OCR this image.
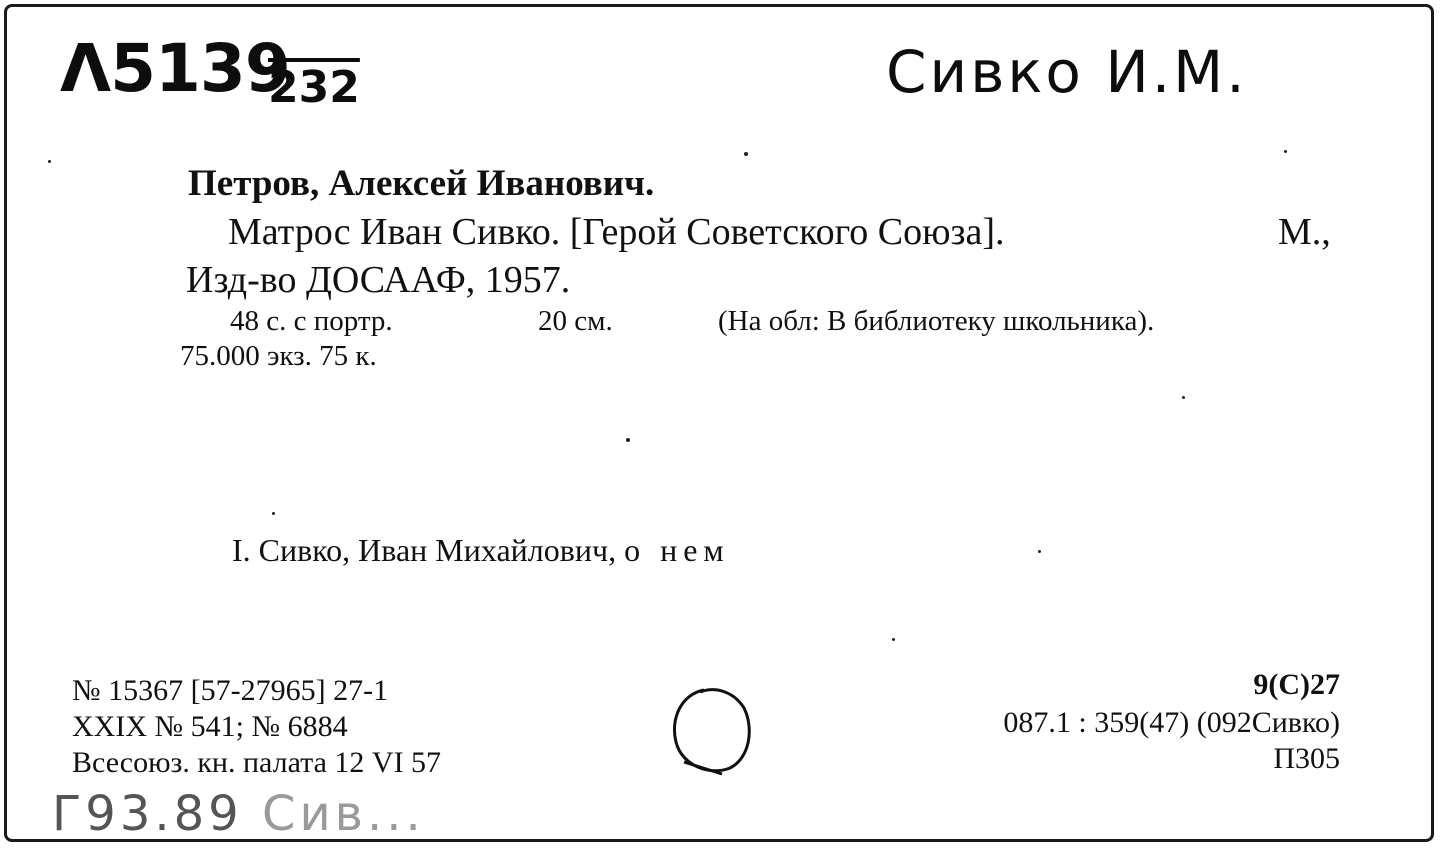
Λ5139
232	Сивко И.М.
Петров, Алексей Иванович.
Матрос Иван Сивко. [Герой Советского Союза].	М.,
Изд-во ДОСААФ, 1957.
48 с. с портр.	20 см.	(На обл: В библиотеку школьника).
75.000 экз. 75 к.
I. Сивко, Иван Михайлович, о нем
№ 15367 [57-27965] 27-1
XXIX № 541; № 6884
Всесоюз. кн. палата 12 VI 57
9(С)27
087.1 : 359(47) (092Сивко)
П305
Г93.89 Сив...
